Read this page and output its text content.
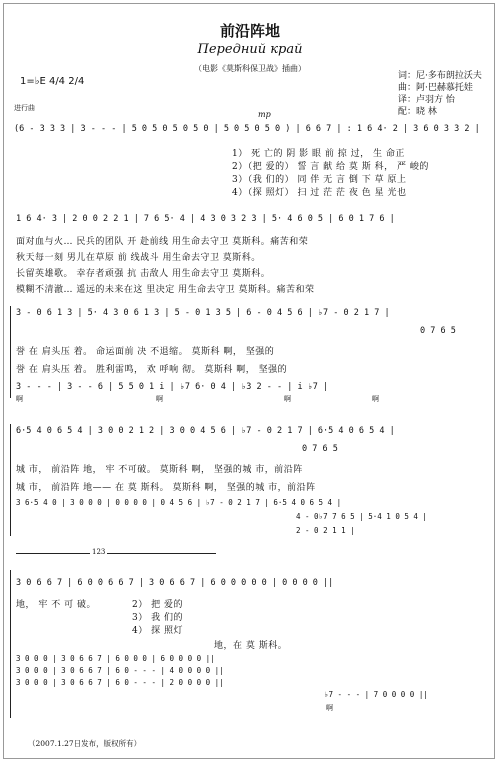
前沿阵地
Передний край
（电影《莫斯科保卫战》插曲）
词：尼·多布朗拉沃夫
曲：阿·巴赫慕托娃
译：卢羽方 怡
配：晓 林
1=♭E 4/4 2/4
进行曲
mp
(6 - 3 3 3 | 3 - - - | 5 0 5 0 5 0 5 0 | 5 0 5 0 5 0 ) | 6 6 7 | : 1 6 4· 2 | 3 6 0 3 3 2 |
1） 死 亡的 阴 影 眼 前 掠 过， 生 命正
2）（把 爱的） 誓 言 献 给 莫 斯 科， 严 峻的
3）（我 们的） 同 伴 无 言 倒 下 草 原上
4）（探 照灯） 扫 过 茫 茫 夜 色 星 光也
1 6 4· 3 | 2 0 0 2 2 1 | 7 6 5· 4 | 4 3 0 3 2 3 | 5· 4 6 0 5 | 6 0 1 7 6 |
面对血与火… 民兵的团队 开 赴前线 用生命去守卫 莫斯科。痛苦和荣
秋天每一刻 男儿在草原 前 线战斗 用生命去守卫 莫斯科。
长留英雄歌。 幸存者顽强 抗 击敌人 用生命去守卫 莫斯科。
模糊不清澈… 遥远的未来在这 里决定 用生命去守卫 莫斯科。痛苦和荣
3 - 0 6 1 3 | 5· 4 3 0 6 1 3 | 5 - 0 1 3 5 | 6 - 0 4 5 6 | ♭7 - 0 2 1 7 |
0 7 6 5
誉 在 肩头压 着。 命运面前 决 不退缩。 莫斯科 啊， 坚强的
誉 在 肩头压 着。 胜利雷鸣， 欢 呼响 彻。 莫斯科 啊， 坚强的
3 - - - | 3 - - 6 | 5 5 0 1 i | ♭7 6· 0 4 | ♭3 2 - - | i ♭7 |
啊	啊	啊	啊
6·5 4 0 6 5 4 | 3 0 0 2 1 2 | 3 0 0 4 5 6 | ♭7 - 0 2 1 7 | 6·5 4 0 6 5 4 |
0 7 6 5
城 市， 前沿阵 地， 牢 不可破。 莫斯科 啊， 坚强的城 市，前沿阵
城 市， 前沿阵 地—— 在 莫 斯科。 莫斯科 啊， 坚强的城 市，前沿阵
3 6·5 4 0 | 3 0 0 0 | 0 0 0 0 | 0 4 5 6 | ♭7 - 0 2 1 7 | 6·5 4 0 6 5 4 |
4 - 0♭7 7 6 5 | 5·4 1 0 5 4 |
2 - 0 2 1 1 |
123
3 0 6 6 7 | 6 0 0 6 6 7 | 3 0 6 6 7 | 6 0 0 0 0 0 | 0 0 0 0 ||
地， 牢 不 可 破。	2） 把 爱的
3） 我 们的
4） 探 照灯
地，在 莫 斯科。
3 0 0 0 | 3 0 6 6 7 | 6 0 0 0 | 6 0 0 0 0 ||
3 0 0 0 | 3 0 6 6 7 | 6 0 - - - | 4 0 0 0 0 ||
3 0 0 0 | 3 0 6 6 7 | 6 0 - - - | 2 0 0 0 0 ||
♭7 - - - | 7 0 0 0 0 ||
啊
（2007.1.27日发布，版权所有）
